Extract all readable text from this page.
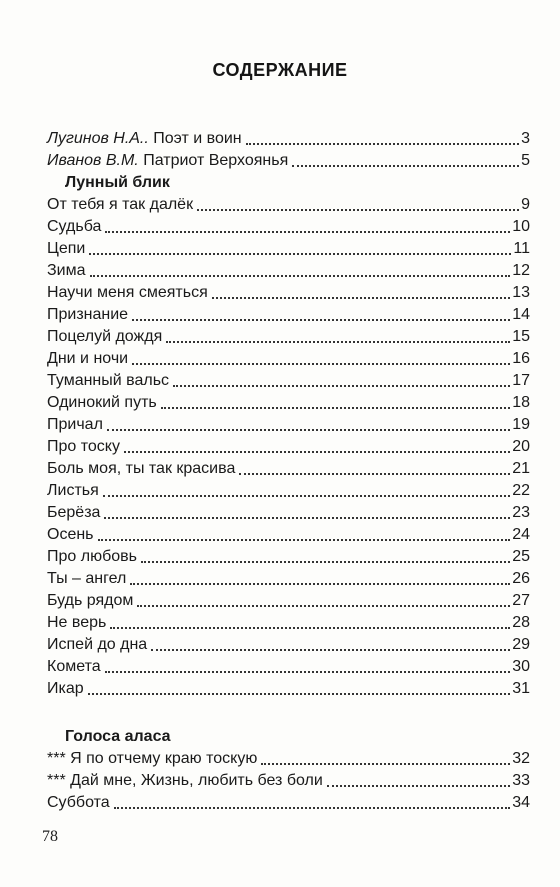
СОДЕРЖАНИЕ
Лугинов Н.А.. Поэт и воин	3
Иванов В.М. Патриот Верхоянья	5
Лунный блик
От тебя я так далёк	9
Судьба	10
Цепи	11
Зима	12
Научи меня смеяться	13
Признание	14
Поцелуй дождя	15
Дни и ночи	16
Туманный вальс	17
Одинокий путь	18
Причал	19
Про тоску	20
Боль моя, ты так красива	21
Листья	22
Берёза	23
Осень	24
Про любовь	25
Ты – ангел	26
Будь рядом	27
Не верь	28
Испей до дна	29
Комета	30
Икар	31
Голоса аласа
*** Я по отчему краю тоскую	32
*** Дай мне, Жизнь, любить без боли	33
Суббота	34
78
